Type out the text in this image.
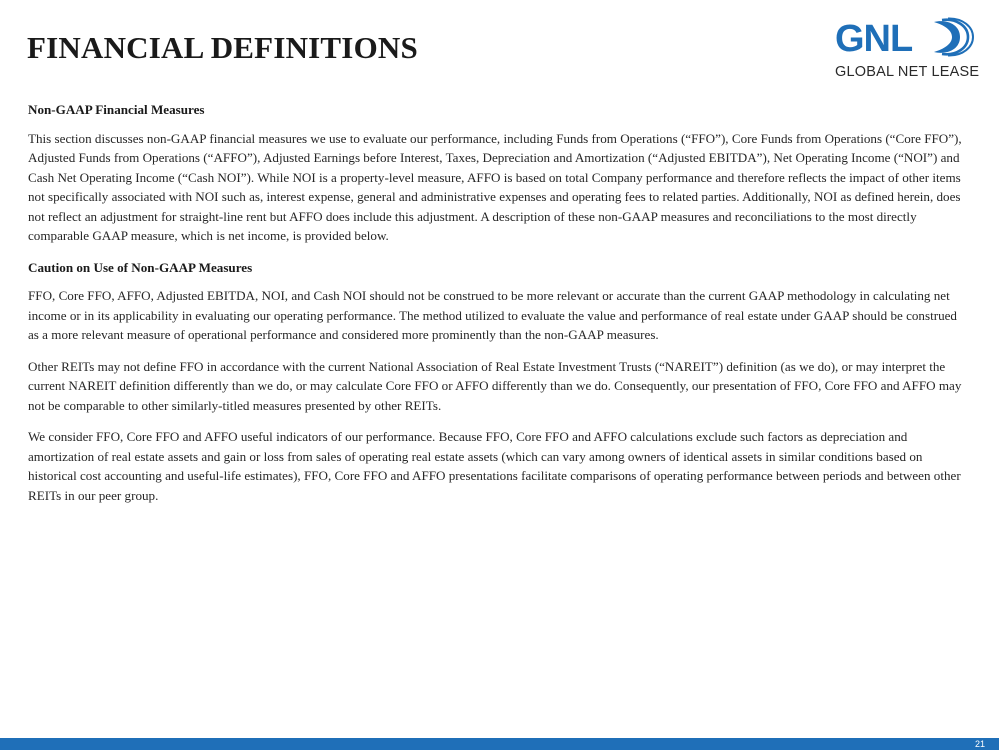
FINANCIAL DEFINITIONS	GNL
GLOBAL NET LEASE
Non-GAAP Financial Measures

This section discusses non-GAAP financial measures we use to evaluate our performance, including Funds from Operations (“FFO”), Core Funds from Operations (“Core FFO”), Adjusted Funds from Operations (“AFFO”), Adjusted Earnings before Interest, Taxes, Depreciation and Amortization (“Adjusted EBITDA”), Net Operating Income (“NOI”) and Cash Net Operating Income (“Cash NOI”). While NOI is a property-level measure, AFFO is based on total Company performance and therefore reflects the impact of other items not specifically associated with NOI such as, interest expense, general and administrative expenses and operating fees to related parties. Additionally, NOI as defined herein, does not reflect an adjustment for straight-line rent but AFFO does include this adjustment. A description of these non-GAAP measures and reconciliations to the most directly comparable GAAP measure, which is net income, is provided below.

Caution on Use of Non-GAAP Measures

FFO, Core FFO, AFFO, Adjusted EBITDA, NOI, and Cash NOI should not be construed to be more relevant or accurate than the current GAAP methodology in calculating net income or in its applicability in evaluating our operating performance. The method utilized to evaluate the value and performance of real estate under GAAP should be construed as a more relevant measure of operational performance and considered more prominently than the non-GAAP measures.

Other REITs may not define FFO in accordance with the current National Association of Real Estate Investment Trusts (“NAREIT”) definition (as we do), or may interpret the current NAREIT definition differently than we do, or may calculate Core FFO or AFFO differently than we do. Consequently, our presentation of FFO, Core FFO and AFFO may not be comparable to other similarly-titled measures presented by other REITs.

We consider FFO, Core FFO and AFFO useful indicators of our performance. Because FFO, Core FFO and AFFO calculations exclude such factors as depreciation and amortization of real estate assets and gain or loss from sales of operating real estate assets (which can vary among owners of identical assets in similar conditions based on historical cost accounting and useful-life estimates), FFO, Core FFO and AFFO presentations facilitate comparisons of operating performance between periods and between other REITs in our peer group.

21
